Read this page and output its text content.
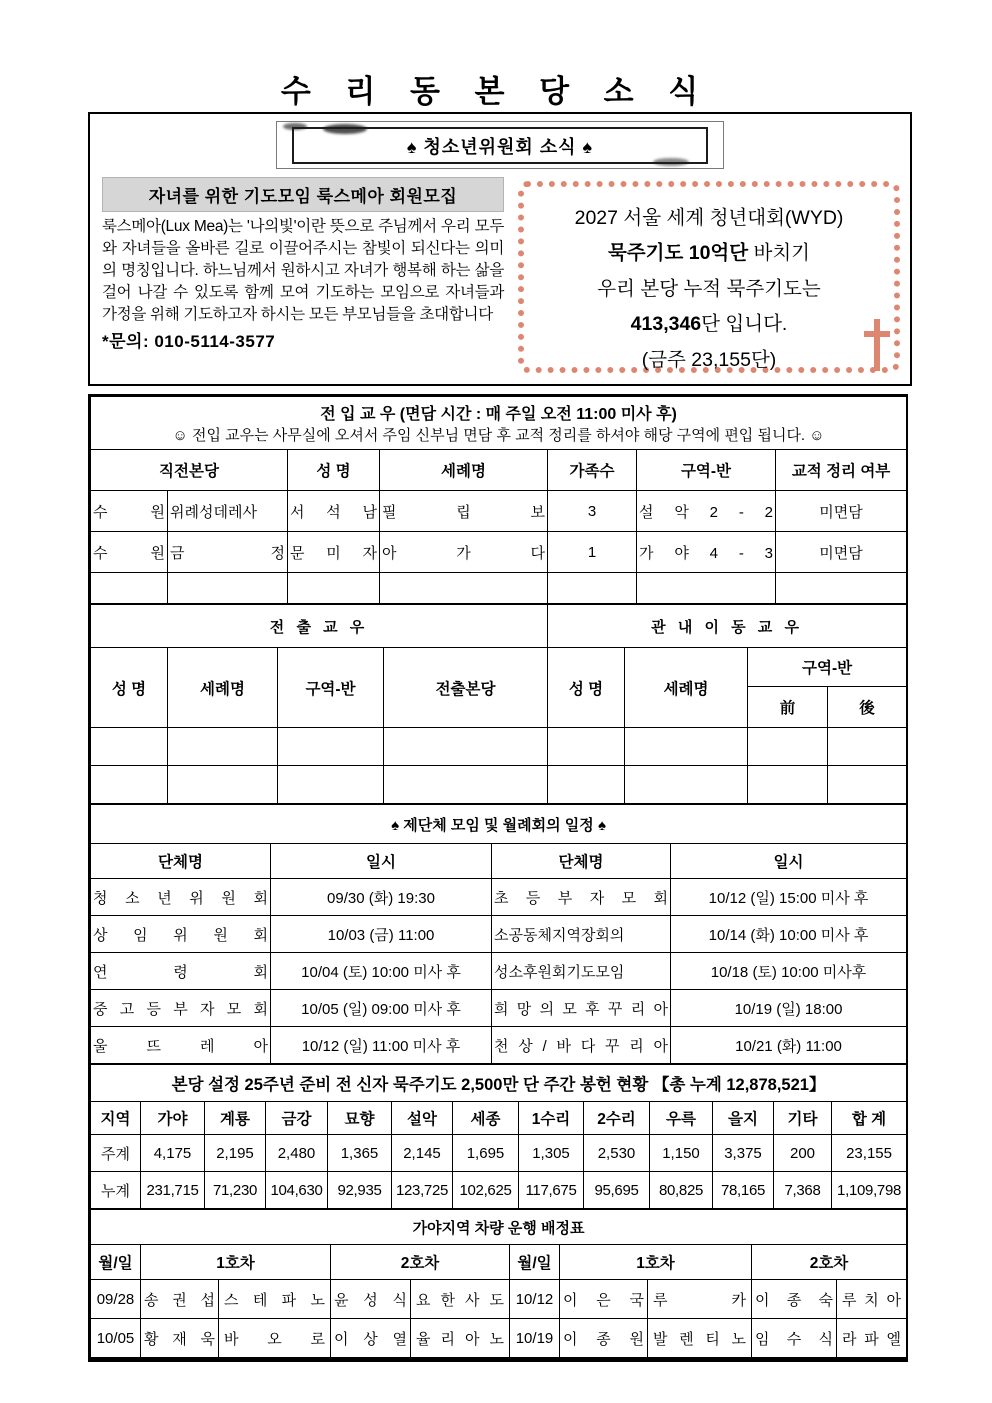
수 리 동 본 당 소 식
♠ 청소년위원회 소식 ♠
자녀를 위한 기도모임 룩스메아 회원모집
룩스메아(Lux Mea)는 '나의빛'이란 뜻으로 주님께서 우리 모두와 자녀들을 올바른 길로 이끌어주시는 참빛이 되신다는 의미의 명칭입니다. 하느님께서 원하시고 자녀가 행복해 하는 삶을 걸어 나갈 수 있도록 함께 모여 기도하는 모임으로 자녀들과 가정을 위해 기도하고자 하시는 모든 부모님들을 초대합니다
*문의: 010-5114-3577
2027 서울 세계 청년대회(WYD)
묵주기도 10억단 바치기
우리 본당 누적 묵주기도는
413,346단 입니다.
(금주 23,155단)
전 입 교 우 (면담 시간 : 매 주일 오전 11:00 미사 후)
☺ 전입 교우는 사무실에 오셔서 주임 신부님 면담 후 교적 정리를 하셔야 해당 구역에 편입 됩니다. ☺						

직전본당		성 명	세례명	가족수	구역-반	교적 정리 여부
수 원	위례성데레사	서 석 남	필 립 보	3	설 악 2 - 2	미면담
수 원	금 정	문 미 자	아 가 다	1	가 야 4 - 3	미면담

전 출 교 우				관 내 이 동 교 우			
성 명	세례명	구역-반	전출본당	성 명	세례명	구역-반	
						前	後

♠ 제단체 모임 및 월례회의 일정 ♠			
단체명	일시	단체명	일시
청 소 년 위 원 회	09/30 (화) 19:30	초 등 부 자 모 회	10/12 (일) 15:00 미사 후
상 임 위 원 회	10/03 (금) 11:00	소공동체지역장회의	10/14 (화) 10:00 미사 후
연 령 회	10/04 (토) 10:00 미사 후	성소후원회기도모임	10/18 (토) 10:00 미사후
중 고 등 부 자 모 회	10/05 (일) 09:00 미사 후	희 망 의 모 후 꾸 리 아	10/19 (일) 18:00
울 뜨 레 아	10/12 (일) 11:00 미사 후	천 상 / 바 다 꾸 리 아	10/21 (화) 11:00
본당 설정 25주년 준비 전 신자 묵주기도 2,500만 단 주간 봉헌 현황 【총 누계 12,878,521】												
지역	가야	계룡	금강	묘향	설악	세종	1수리	2수리	우륵	을지	기타	합 계
주계	4,175	2,195	2,480	1,365	2,145	1,695	1,305	2,530	1,150	3,375	200	23,155
누계	231,715	71,230	104,630	92,935	123,725	102,625	117,675	95,695	80,825	78,165	7,368	1,109,798
가야지역 차량 운행 배정표									
월/일	1호차		2호차		월/일	1호차		2호차	
09/28	송 권 섭	스 테 파 노	윤 성 식	요 한 사 도	10/12	이 은 국	루 카	이 종 숙	루 치 아
10/05	황 재 욱	바 오 로	이 상 열	율 리 아 노	10/19	이 종 원	발 렌 티 노	임 수 식	라 파 엘
